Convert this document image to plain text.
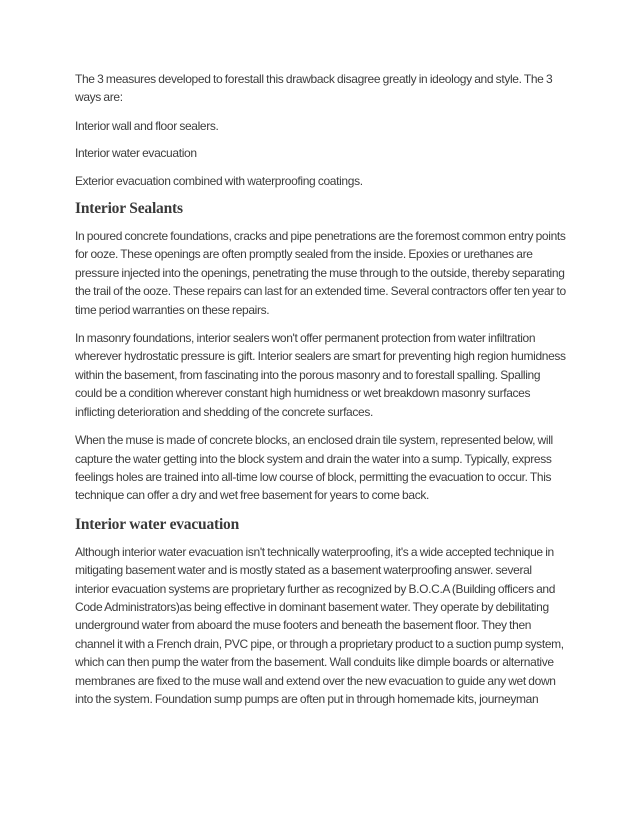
The 3 measures developed to forestall this drawback disagree greatly in ideology and style. The 3 ways are:

Interior wall and floor sealers.

Interior water evacuation

Exterior evacuation combined with waterproofing coatings.

Interior Sealants

In poured concrete foundations, cracks and pipe penetrations are the foremost common entry points for ooze. These openings are often promptly sealed from the inside. Epoxies or urethanes are pressure injected into the openings, penetrating the muse through to the outside, thereby separating the trail of the ooze. These repairs can last for an extended time. Several contractors offer ten year to time period warranties on these repairs.

In masonry foundations, interior sealers won't offer permanent protection from water infiltration wherever hydrostatic pressure is gift. Interior sealers are smart for preventing high region humidness within the basement, from fascinating into the porous masonry and to forestall spalling. Spalling could be a condition wherever constant high humidness or wet breakdown masonry surfaces inflicting deterioration and shedding of the concrete surfaces.

When the muse is made of concrete blocks, an enclosed drain tile system, represented below, will capture the water getting into the block system and drain the water into a sump. Typically, express feelings holes are trained into all-time low course of block, permitting the evacuation to occur. This technique can offer a dry and wet free basement for years to come back.

Interior water evacuation

Although interior water evacuation isn't technically waterproofing, it's a wide accepted technique in mitigating basement water and is mostly stated as a basement waterproofing answer. several interior evacuation systems are proprietary further as recognized by B.O.C.A (Building officers and Code Administrators)as being effective in dominant basement water. They operate by debilitating underground water from aboard the muse footers and beneath the basement floor. They then channel it with a French drain, PVC pipe, or through a proprietary product to a suction pump system, which can then pump the water from the basement. Wall conduits like dimple boards or alternative membranes are fixed to the muse wall and extend over the new evacuation to guide any wet down into the system. Foundation sump pumps are often put in through homemade kits, journeyman
